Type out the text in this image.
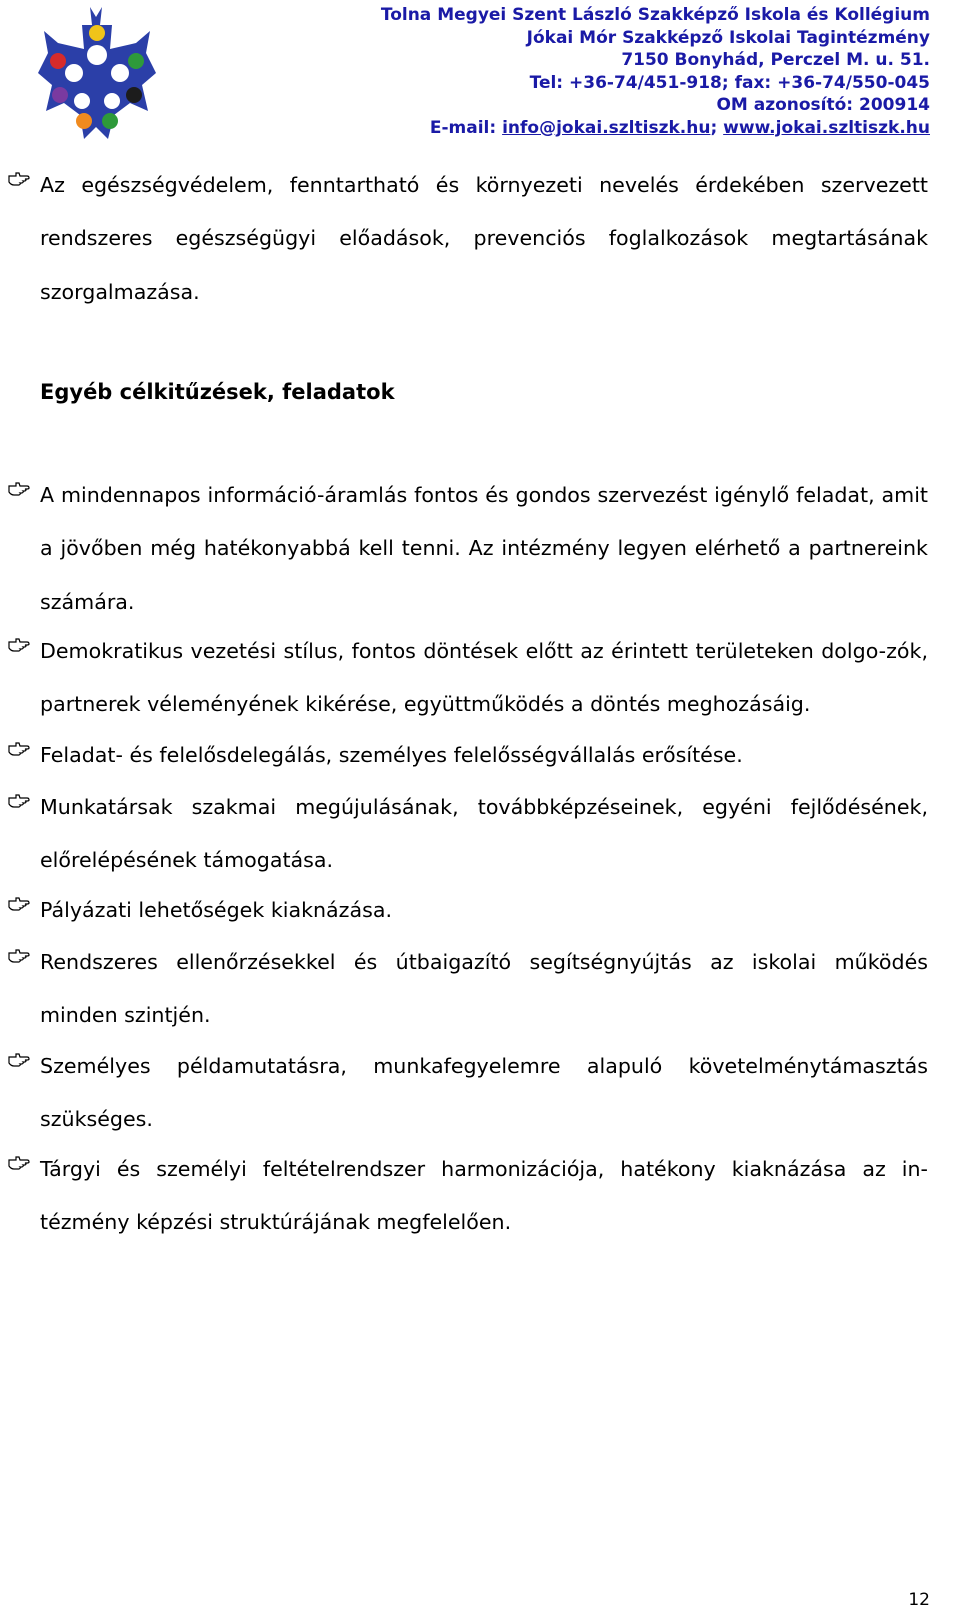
Tolna Megyei Szent László Szakképző Iskola és Kollégium
Jókai Mór Szakképző Iskolai Tagintézmény
7150 Bonyhád, Perczel M. u. 51.
Tel: +36-74/451-918; fax: +36-74/550-045
OM azonosító: 200914
E-mail: info@jokai.szltiszk.hu; www.jokai.szltiszk.hu

Az egészségvédelem, fenntartható és környezeti nevelés érdekében szervezett rendszeres egészségügyi előadások, prevenciós foglalkozások megtartásának szorgalmazása.

Egyéb célkitűzések, feladatok

A mindennapos információ-áramlás fontos és gondos szervezést igénylő feladat, amit a jövőben még hatékonyabbá kell tenni. Az intézmény legyen elérhető a partnereink számára.

Demokratikus vezetési stílus, fontos döntések előtt az érintett területeken dolgo-zók, partnerek véleményének kikérése, együttműködés a döntés meghozásáig.

Feladat- és felelősdelegálás, személyes felelősségvállalás erősítése.

Munkatársak szakmai megújulásának, továbbképzéseinek, egyéni fejlődésének, előrelépésének támogatása.

Pályázati lehetőségek kiaknázása.

Rendszeres ellenőrzésekkel és útbaigazító segítségnyújtás az iskolai működés minden szintjén.

Személyes példamutatásra, munkafegyelemre alapuló követelménytámasztás szükséges.

Tárgyi és személyi feltételrendszer harmonizációja, hatékony kiaknázása az in-tézmény képzési struktúrájának megfelelően.

12
